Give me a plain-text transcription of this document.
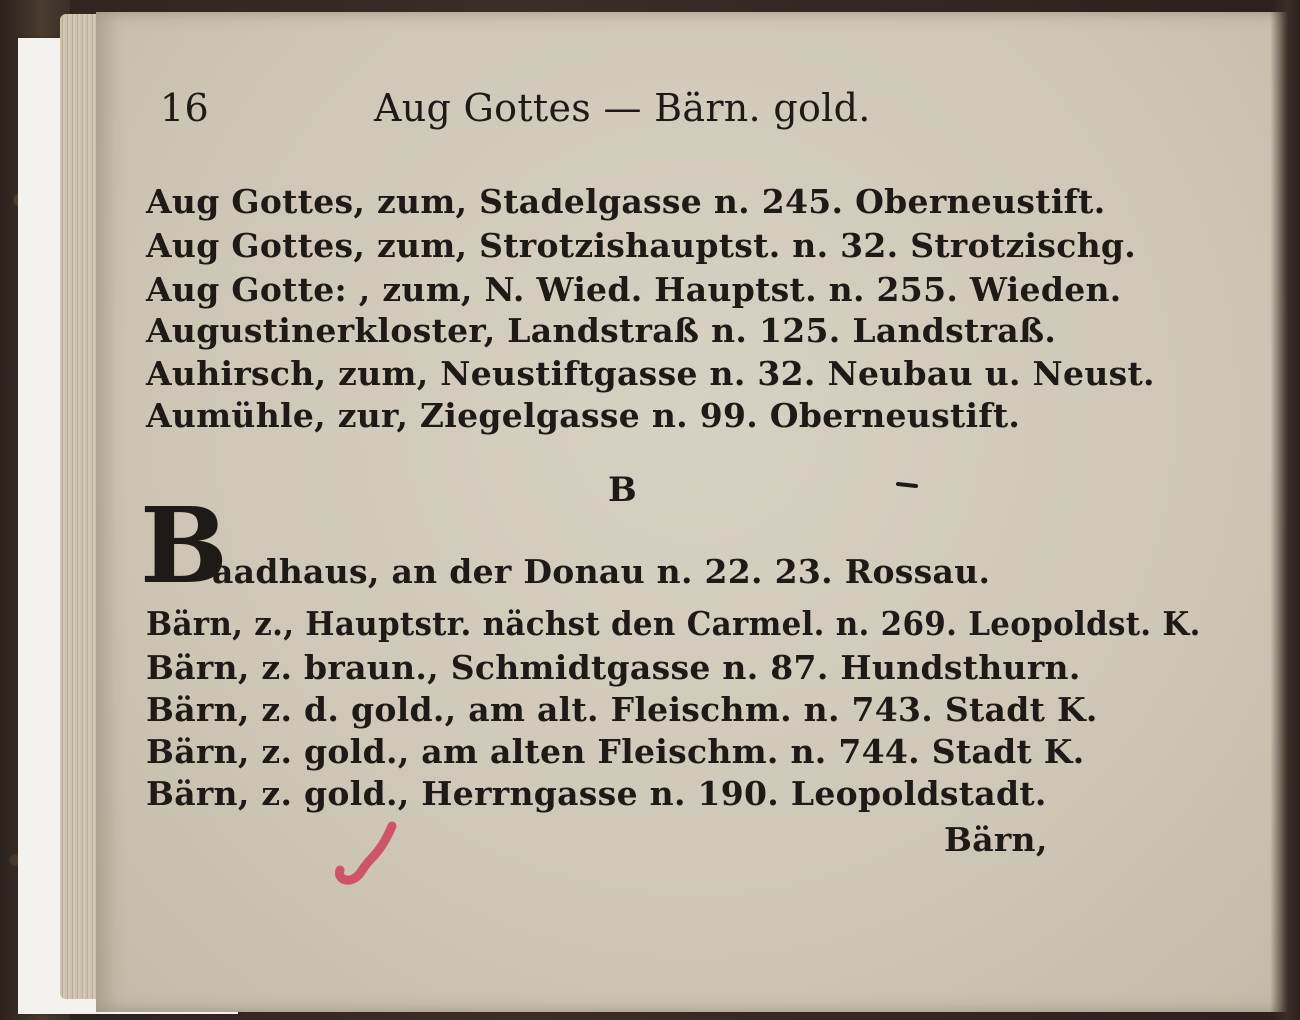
16	Aug Gottes — Bärn. gold.
Aug Gottes, zum, Stadelgasse n. 245. Oberneustift.
Aug Gottes, zum, Strotzishauptst. n. 32. Strotzischg.
Aug Gotte: , zum, N. Wied. Hauptst. n. 255. Wieden.
Augustinerkloster, Landstraß n. 125. Landstraß.
Auhirsch, zum, Neustiftgasse n. 32. Neubau u. Neust.
Aumühle, zur, Ziegelgasse n. 99. Oberneustift.
B
B
aadhaus, an der Donau n. 22. 23. Rossau.
Bärn, z., Hauptstr. nächst den Carmel. n. 269. Leopoldst. K.
Bärn, z. braun., Schmidtgasse n. 87. Hundsthurn.
Bärn, z. d. gold., am alt. Fleischm. n. 743. Stadt K.
Bärn, z. gold., am alten Fleischm. n. 744. Stadt K.
Bärn, z. gold., Herrngasse n. 190. Leopoldstadt.
Bärn,
